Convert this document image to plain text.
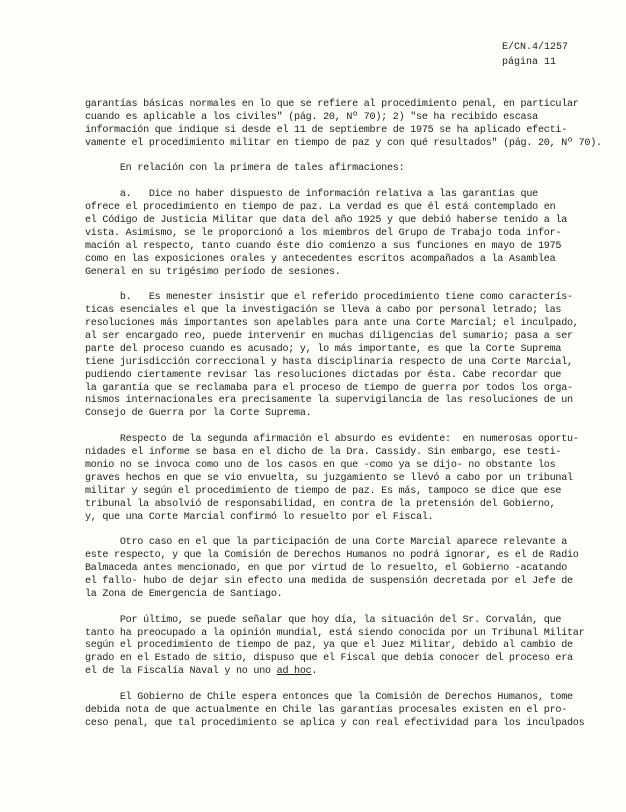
E/CN.4/1257
página 11
garantías básicas normales en lo que se refiere al procedimiento penal, en particular
cuando es aplicable a los civiles" (pág. 20, Nº 70); 2) "se ha recibido escasa
información que indique si desde el 11 de septiembre de 1975 se ha aplicado efecti-
vamente el procedimiento militar en tiempo de paz y con qué resultados" (pág. 20, Nº 70).
En relación con la primera de tales afirmaciones:
a.   Dice no haber dispuesto de información relativa a las garantías que
ofrece el procedimiento en tiempo de paz. La verdad es que él está contemplado en
el Código de Justicia Militar que data del año 1925 y que debió haberse tenido a la
vista. Asimismo, se le proporcionó a los miembros del Grupo de Trabajo toda infor-
mación al respecto, tanto cuando éste dio comienzo a sus funciones en mayo de 1975
como en las exposiciones orales y antecedentes escritos acompañados a la Asamblea
General en su trigésimo período de sesiones.
b.   Es menester insistir que el referido procedimiento tiene como caracterís-
ticas esenciales el que la investigación se lleva a cabo por personal letrado; las
resoluciones más importantes son apelables para ante una Corte Marcial; el inculpado,
al ser encargado reo, puede intervenir en muchas diligencias del sumario; pasa a ser
parte del proceso cuando es acusado; y, lo más importante, es que la Corte Suprema
tiene jurisdicción correccional y hasta disciplinaria respecto de una Corte Marcial,
pudiendo ciertamente revisar las resoluciones dictadas por ésta. Cabe recordar que
la garantía que se reclamaba para el proceso de tiempo de guerra por todos los orga-
nismos internacionales era precisamente la supervigilancia de las resoluciones de un
Consejo de Guerra por la Corte Suprema.
Respecto de la segunda afirmación el absurdo es evidente:  en numerosas oportu-
nidades el informe se basa en el dicho de la Dra. Cassidy. Sin embargo, ese testi-
monio no se invoca como uno de los casos en que -como ya se dijo- no obstante los
graves hechos en que se vio envuelta, su juzgamiento se llevó a cabo por un tribunal
militar y según el procedimiento de tiempo de paz. Es más, tampoco se dice que ese
tribunal la absolvió de responsabilidad, en contra de la pretensión del Gobierno,
y, que una Corte Marcial confirmó lo resuelto por el Fiscal.
Otro caso en el que la participación de una Corte Marcial aparece relevante a
este respecto, y que la Comisión de Derechos Humanos no podrá ignorar, es el de Radio
Balmaceda antes mencionado, en que por virtud de lo resuelto, el Gobierno -acatando
el fallo- hubo de dejar sin efecto una medida de suspensión decretada por el Jefe de
la Zona de Emergencia de Santiago.
Por último, se puede señalar que hoy día, la situación del Sr. Corvalán, que
tanto ha preocupado a la opinión mundial, está siendo conocida por un Tribunal Militar
según el procedimiento de tiempo de paz, ya que el Juez Militar, debido al cambio de
grado en el Estado de sitio, dispuso que el Fiscal que debía conocer del proceso era
el de la Fiscalía Naval y no uno ad hoc.
El Gobierno de Chile espera entonces que la Comisión de Derechos Humanos, tome
debida nota de que actualmente en Chile las garantías procesales existen en el pro-
ceso penal, que tal procedimiento se aplica y con real efectividad para los inculpados
